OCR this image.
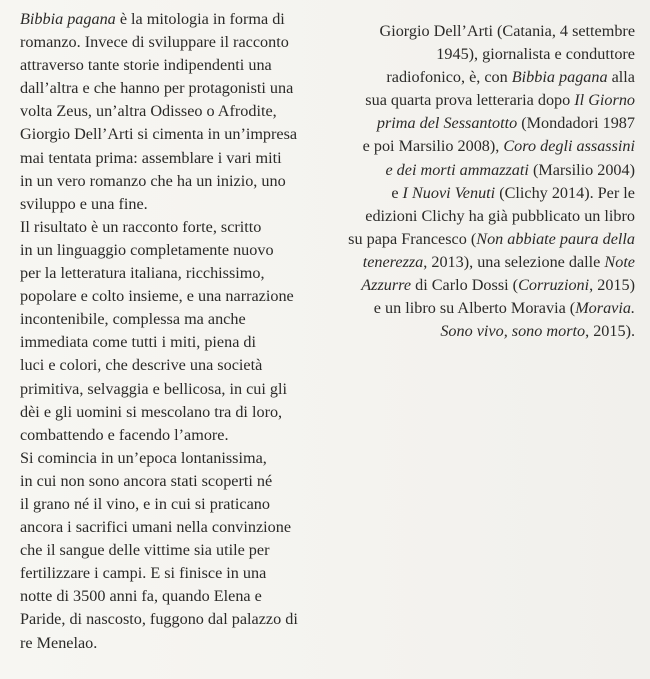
Bibbia pagana è la mitologia in forma di
romanzo. Invece di sviluppare il racconto
attraverso tante storie indipendenti una
dall’altra e che hanno per protagonisti una
volta Zeus, un’altra Odisseo o Afrodite,
Giorgio Dell’Arti si cimenta in un’impresa
mai tentata prima: assemblare i vari miti
in un vero romanzo che ha un inizio, uno
sviluppo e una fine.
Il risultato è un racconto forte, scritto
in un linguaggio completamente nuovo
per la letteratura italiana, ricchissimo,
popolare e colto insieme, e una narrazione
incontenibile, complessa ma anche
immediata come tutti i miti, piena di
luci e colori, che descrive una società
primitiva, selvaggia e bellicosa, in cui gli
dèi e gli uomini si mescolano tra di loro,
combattendo e facendo l’amore.
Si comincia in un’epoca lontanissima,
in cui non sono ancora stati scoperti né
il grano né il vino, e in cui si praticano
ancora i sacrifici umani nella convinzione
che il sangue delle vittime sia utile per
fertilizzare i campi. E si finisce in una
notte di 3500 anni fa, quando Elena e
Paride, di nascosto, fuggono dal palazzo di
re Menelao.
Giorgio Dell’Arti (Catania, 4 settembre
1945), giornalista e conduttore
radiofonico, è, con Bibbia pagana alla
sua quarta prova letteraria dopo Il Giorno
prima del Sessantotto (Mondadori 1987
e poi Marsilio 2008), Coro degli assassini
e dei morti ammazzati (Marsilio 2004)
e I Nuovi Venuti (Clichy 2014). Per le
edizioni Clichy ha già pubblicato un libro
su papa Francesco (Non abbiate paura della
tenerezza, 2013), una selezione dalle Note
Azzurre di Carlo Dossi (Corruzioni, 2015)
e un libro su Alberto Moravia (Moravia.
Sono vivo, sono morto, 2015).
